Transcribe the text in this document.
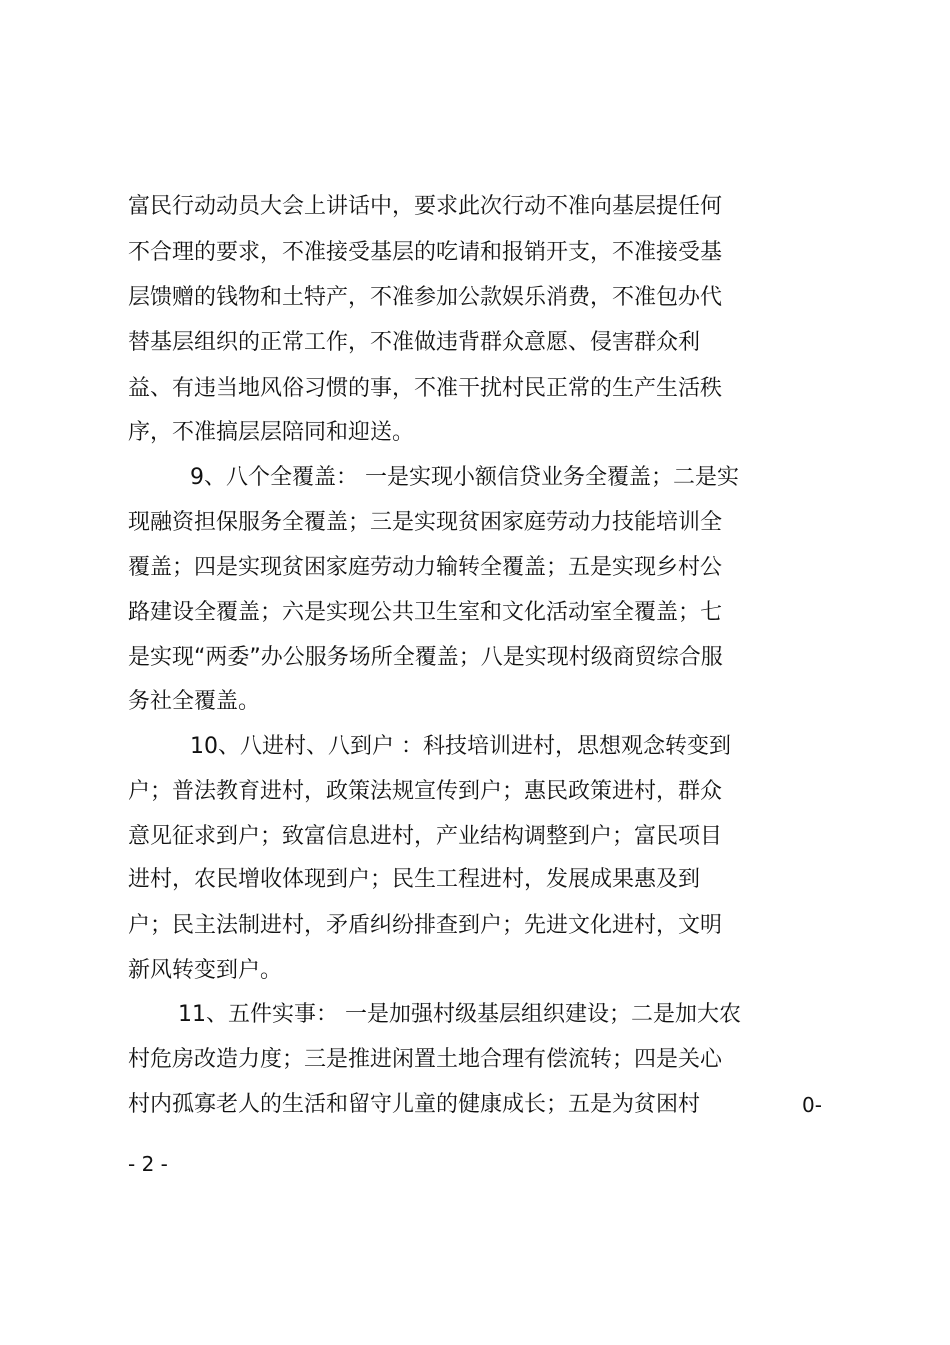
富民行动动员大会上讲话中，要求此次行动不准向基层提任何
不合理的要求，不准接受基层的吃请和报销开支，不准接受基
层馈赠的钱物和土特产，不准参加公款娱乐消费，不准包办代
替基层组织的正常工作，不准做违背群众意愿、侵害群众利
益、有违当地风俗习惯的事，不准干扰村民正常的生产生活秩
序，不准搞层层陪同和迎送。
9、八个全覆盖： 一是实现小额信贷业务全覆盖；二是实
现融资担保服务全覆盖；三是实现贫困家庭劳动力技能培训全
覆盖；四是实现贫困家庭劳动力输转全覆盖；五是实现乡村公
路建设全覆盖；六是实现公共卫生室和文化活动室全覆盖；七
是实现“两委”办公服务场所全覆盖；八是实现村级商贸综合服
务社全覆盖。
10、八进村、八到户 ：科技培训进村，思想观念转变到
户；普法教育进村，政策法规宣传到户；惠民政策进村，群众
意见征求到户；致富信息进村，产业结构调整到户；富民项目
进村，农民增收体现到户；民生工程进村，发展成果惠及到
户；民主法制进村，矛盾纠纷排查到户；先进文化进村，文明
新风转变到户。
11、五件实事： 一是加强村级基层组织建设；二是加大农
村危房改造力度；三是推进闲置土地合理有偿流转；四是关心
村内孤寡老人的生活和留守儿童的健康成长；五是为贫困村	0-
- 2 -
